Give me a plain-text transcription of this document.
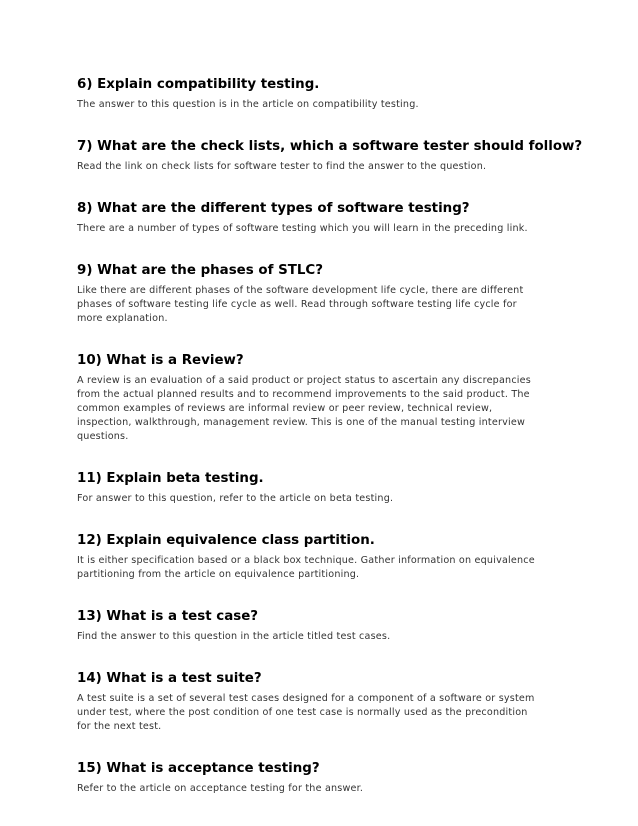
6) Explain compatibility testing.

The answer to this question is in the article on compatibility testing.

7) What are the check lists, which a software tester should follow?

Read the link on check lists for software tester to find the answer to the question.

8) What are the different types of software testing?

There are a number of types of software testing which you will learn in the preceding link.

9) What are the phases of STLC?

Like there are different phases of the software development life cycle, there are different
phases of software testing life cycle as well. Read through software testing life cycle for
more explanation.

10) What is a Review?

A review is an evaluation of a said product or project status to ascertain any discrepancies
from the actual planned results and to recommend improvements to the said product. The
common examples of reviews are informal review or peer review, technical review,
inspection, walkthrough, management review. This is one of the manual testing interview
questions.

11) Explain beta testing.

For answer to this question, refer to the article on beta testing.

12) Explain equivalence class partition.

It is either specification based or a black box technique. Gather information on equivalence
partitioning from the article on equivalence partitioning.

13) What is a test case?

Find the answer to this question in the article titled test cases.

14) What is a test suite?

A test suite is a set of several test cases designed for a component of a software or system
under test, where the post condition of one test case is normally used as the precondition
for the next test.

15) What is acceptance testing?

Refer to the article on acceptance testing for the answer.
